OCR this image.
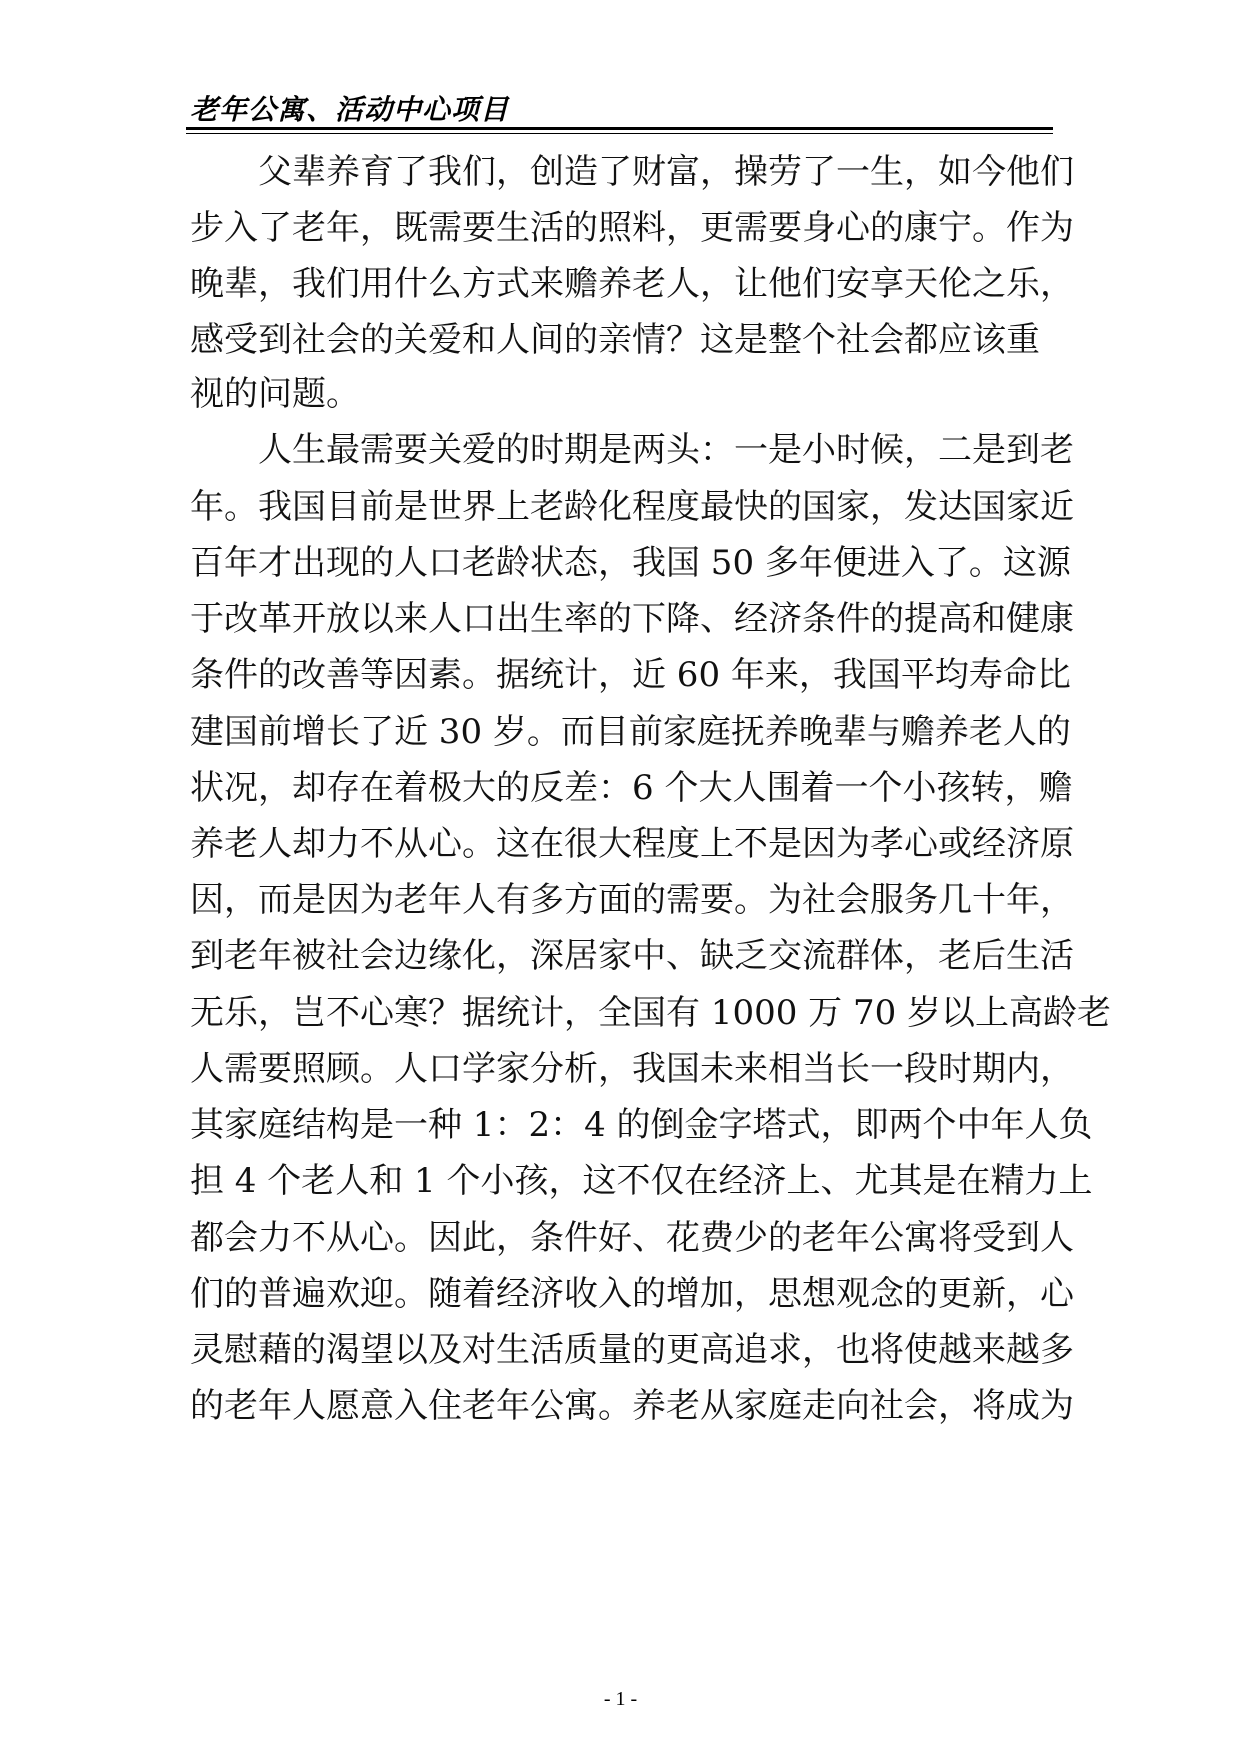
老年公寓、活动中心项目
　　父辈养育了我们，创造了财富，操劳了一生，如今他们
步入了老年，既需要生活的照料，更需要身心的康宁。作为
晚辈，我们用什么方式来赡养老人，让他们安享天伦之乐，
感受到社会的关爱和人间的亲情？这是整个社会都应该重
视的问题。
　　人生最需要关爱的时期是两头：一是小时候，二是到老
年。我国目前是世界上老龄化程度最快的国家，发达国家近
百年才出现的人口老龄状态，我国 50 多年便进入了。这源
于改革开放以来人口出生率的下降、经济条件的提高和健康
条件的改善等因素。据统计，近 60 年来，我国平均寿命比
建国前增长了近 30 岁。而目前家庭抚养晚辈与赡养老人的
状况，却存在着极大的反差：6 个大人围着一个小孩转，赡
养老人却力不从心。这在很大程度上不是因为孝心或经济原
因，而是因为老年人有多方面的需要。为社会服务几十年，
到老年被社会边缘化，深居家中、缺乏交流群体，老后生活
无乐，岂不心寒？据统计，全国有 1000 万 70 岁以上高龄老
人需要照顾。人口学家分析，我国未来相当长一段时期内，
其家庭结构是一种 1：2：4 的倒金字塔式，即两个中年人负
担 4 个老人和 1 个小孩，这不仅在经济上、尤其是在精力上
都会力不从心。因此，条件好、花费少的老年公寓将受到人
们的普遍欢迎。随着经济收入的增加，思想观念的更新，心
灵慰藉的渴望以及对生活质量的更高追求，也将使越来越多
的老年人愿意入住老年公寓。养老从家庭走向社会，将成为
- 1 -
